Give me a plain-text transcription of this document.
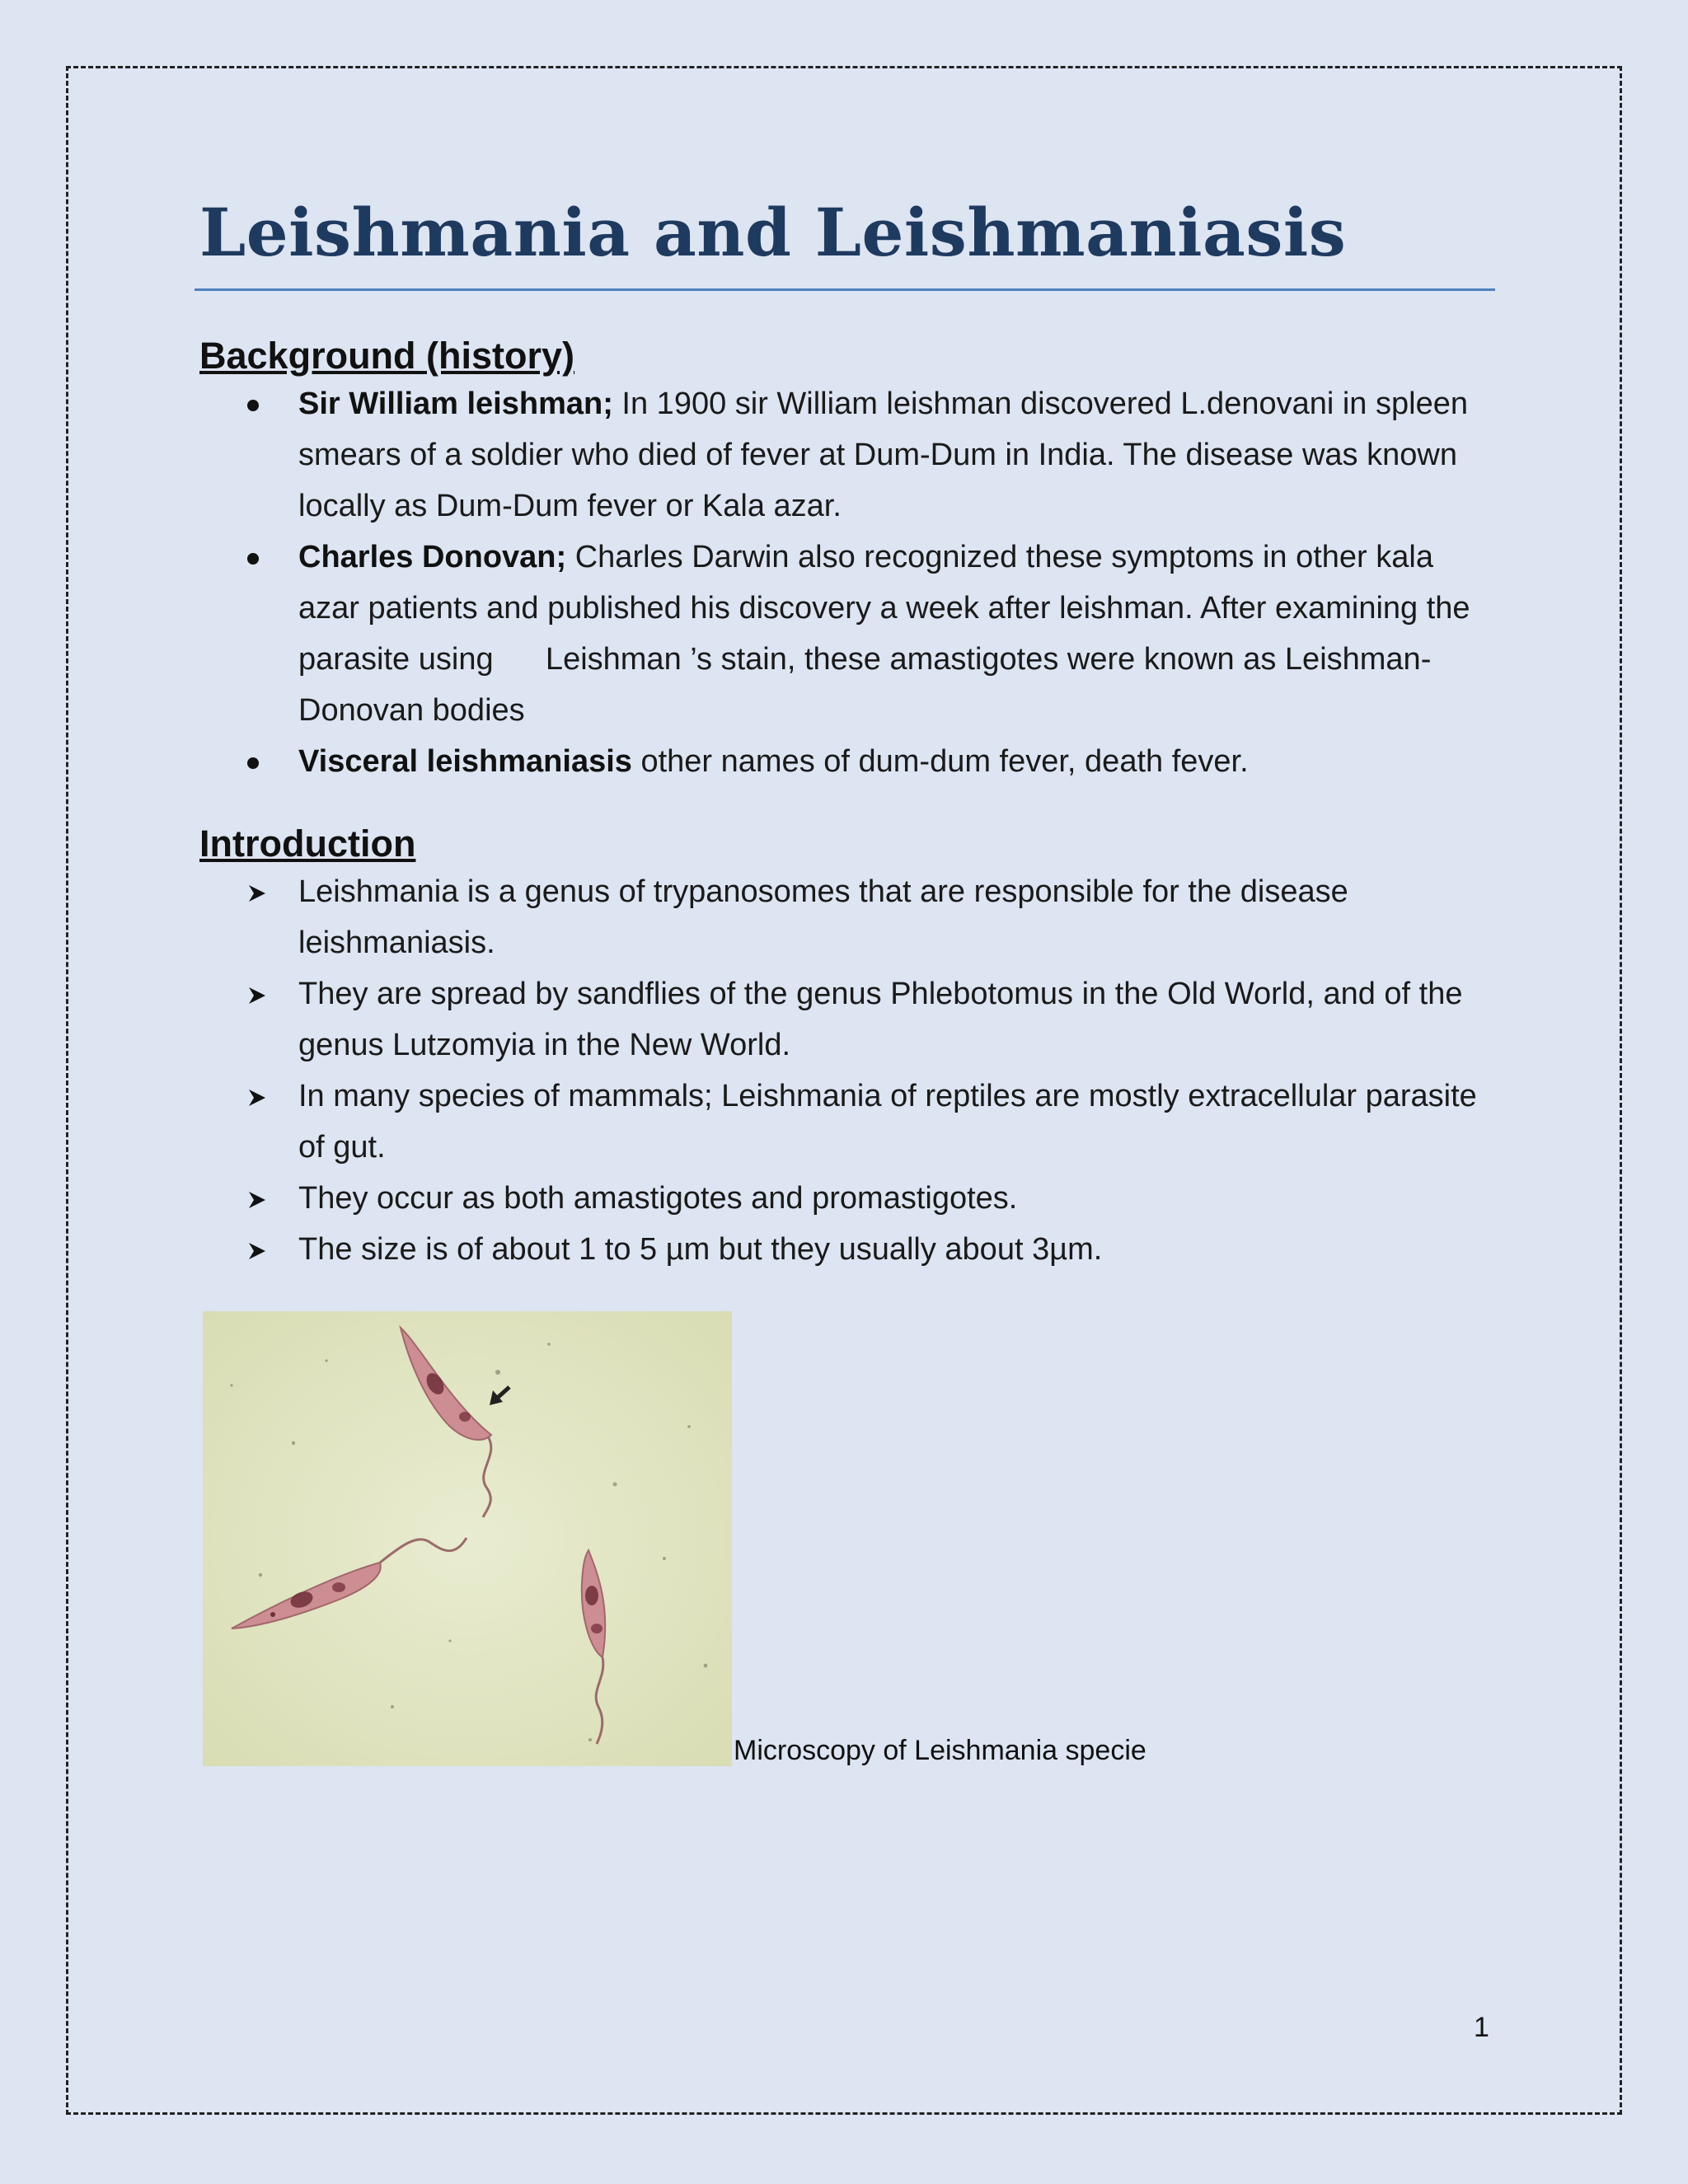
Leishmania and Leishmaniasis
Background (history)
Sir William leishman; In 1900 sir William leishman discovered L.denovani in spleen smears of a soldier who died of fever at Dum-Dum in India. The disease was known locally as Dum-Dum fever or Kala azar.
Charles Donovan; Charles Darwin also recognized these symptoms in other kala azar patients and published his discovery a week after leishman. After examining the parasite using      Leishman ’s stain, these amastigotes were known as Leishman-Donovan bodies
Visceral leishmaniasis other names of dum-dum fever, death fever.
Introduction
Leishmania is a genus of trypanosomes that are responsible for the disease leishmaniasis.
They are spread by sandflies of the genus Phlebotomus in the Old World, and of the genus Lutzomyia in the New World.
In many species of mammals; Leishmania of reptiles are mostly extracellular parasite of gut.
They occur as both amastigotes and promastigotes.
The size is of about 1 to 5 µm but they usually about 3µm.
Microscopy of Leishmania specie
1
